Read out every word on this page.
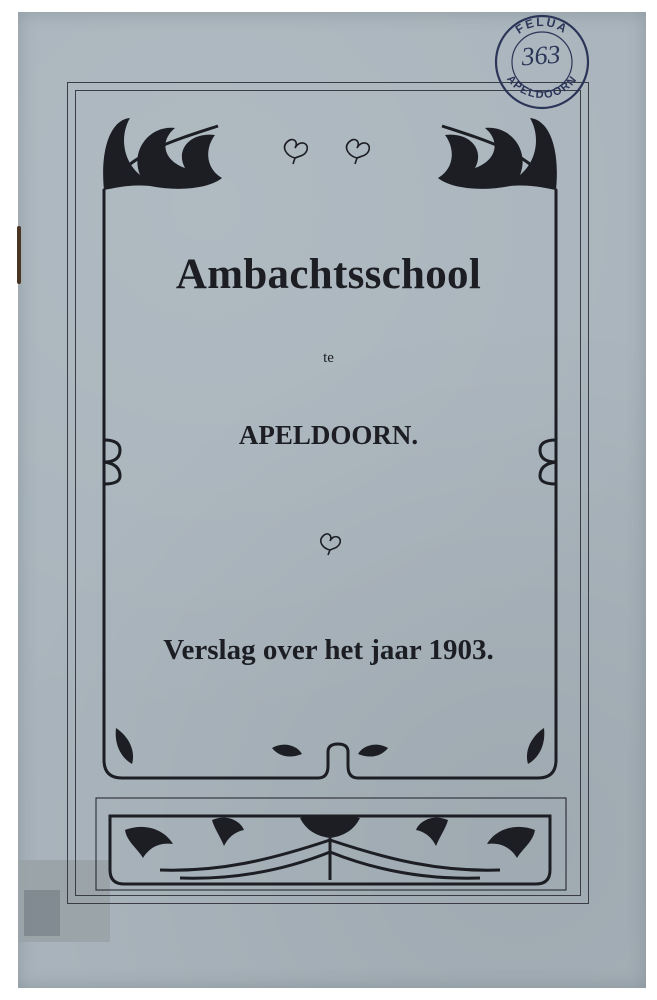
FELUA
APELDOORN
363
Ambachtsschool
te
APELDOORN.
Verslag over het jaar 1903.
